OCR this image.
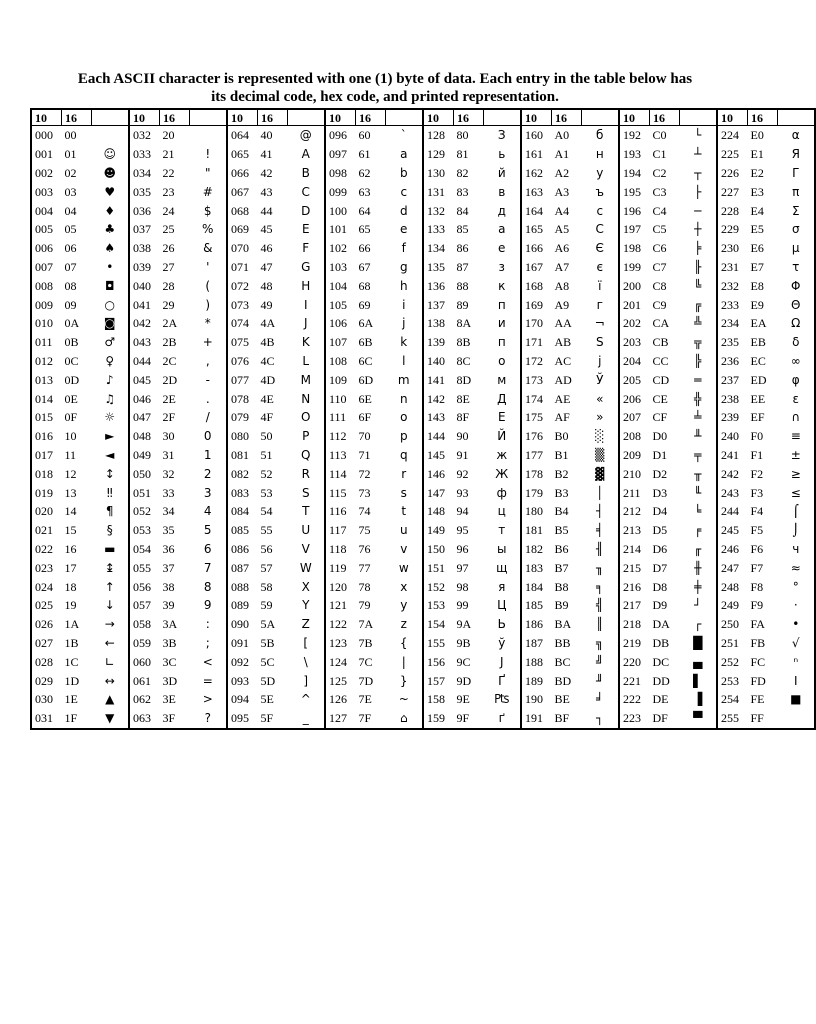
Each ASCII character is represented with one (1) byte of data. Each entry in the table below has
its decimal code, hex code, and printed representation.
10	16		10	16		10	16		10	16		10	16		10	16		10	16		10	16	
000	00		032	20		064	40	@	096	60	`	128	80	З	160	A0	б	192	C0	└	224	E0	α
001	01	☺	033	21	!	065	41	A	097	61	a	129	81	ь	161	A1	н	193	C1	┴	225	E1	Я
002	02	☻	034	22	"	066	42	B	098	62	b	130	82	й	162	A2	у	194	C2	┬	226	E2	Г
003	03	♥	035	23	#	067	43	C	099	63	c	131	83	в	163	A3	ъ	195	C3	├	227	E3	π
004	04	♦	036	24	$	068	44	D	100	64	d	132	84	д	164	A4	с	196	C4	─	228	E4	Σ
005	05	♣	037	25	%	069	45	E	101	65	e	133	85	а	165	A5	С	197	C5	┼	229	E5	σ
006	06	♠	038	26	&	070	46	F	102	66	f	134	86	е	166	A6	Є	198	C6	╞	230	E6	µ
007	07	•	039	27	'	071	47	G	103	67	g	135	87	з	167	A7	є	199	C7	╟	231	E7	τ
008	08	◘	040	28	(	072	48	H	104	68	h	136	88	к	168	A8	ї	200	C8	╚	232	E8	Φ
009	09	○	041	29	)	073	49	I	105	69	i	137	89	п	169	A9	г	201	C9	╔	233	E9	Θ
010	0A	◙	042	2A	*	074	4A	J	106	6A	j	138	8A	и	170	AA	¬	202	CA	╩	234	EA	Ω
011	0B	♂	043	2B	+	075	4B	K	107	6B	k	139	8B	п	171	AB	S	203	CB	╦	235	EB	δ
012	0C	♀	044	2C	,	076	4C	L	108	6C	l	140	8C	о	172	AC	ј	204	CC	╠	236	EC	∞
013	0D	♪	045	2D	-	077	4D	M	109	6D	m	141	8D	м	173	AD	Ў	205	CD	═	237	ED	φ
014	0E	♫	046	2E	.	078	4E	N	110	6E	n	142	8E	Д	174	AE	«	206	CE	╬	238	EE	ε
015	0F	☼	047	2F	/	079	4F	O	111	6F	o	143	8F	Е	175	AF	»	207	CF	╧	239	EF	∩
016	10	►	048	30	0	080	50	P	112	70	p	144	90	Й	176	B0	░	208	D0	╨	240	F0	≡
017	11	◄	049	31	1	081	51	Q	113	71	q	145	91	ж	177	B1	▒	209	D1	╤	241	F1	±
018	12	↕	050	32	2	082	52	R	114	72	r	146	92	Ж	178	B2	▓	210	D2	╥	242	F2	≥
019	13	‼	051	33	3	083	53	S	115	73	s	147	93	ф	179	B3	│	211	D3	╙	243	F3	≤
020	14	¶	052	34	4	084	54	T	116	74	t	148	94	ц	180	B4	┤	212	D4	╘	244	F4	⌠
021	15	§	053	35	5	085	55	U	117	75	u	149	95	т	181	B5	╡	213	D5	╒	245	F5	⌡
022	16	▬	054	36	6	086	56	V	118	76	v	150	96	ы	182	B6	╢	214	D6	╓	246	F6	ч
023	17	↨	055	37	7	087	57	W	119	77	w	151	97	щ	183	B7	╖	215	D7	╫	247	F7	≈
024	18	↑	056	38	8	088	58	X	120	78	x	152	98	я	184	B8	╕	216	D8	╪	248	F8	°
025	19	↓	057	39	9	089	59	Y	121	79	y	153	99	Ц	185	B9	╣	217	D9	┘	249	F9	·
026	1A	→	058	3A	:	090	5A	Z	122	7A	z	154	9A	Ь	186	BA	║	218	DA	┌	250	FA	•
027	1B	←	059	3B	;	091	5B	[	123	7B	{	155	9B	ў	187	BB	╗	219	DB	█	251	FB	√
028	1C	∟	060	3C	<	092	5C	\	124	7C	|	156	9C	Ј	188	BC	╝	220	DC	▄	252	FC	ⁿ
029	1D	↔	061	3D	=	093	5D	]	125	7D	}	157	9D	Ґ	189	BD	╜	221	DD	▌	253	FD	I
030	1E	▲	062	3E	>	094	5E	^	126	7E	~	158	9E	₧	190	BE	╛	222	DE	▐	254	FE	■
031	1F	▼	063	3F	?	095	5F	_	127	7F	⌂	159	9F	ґ	191	BF	┐	223	DF	▀	255	FF	
